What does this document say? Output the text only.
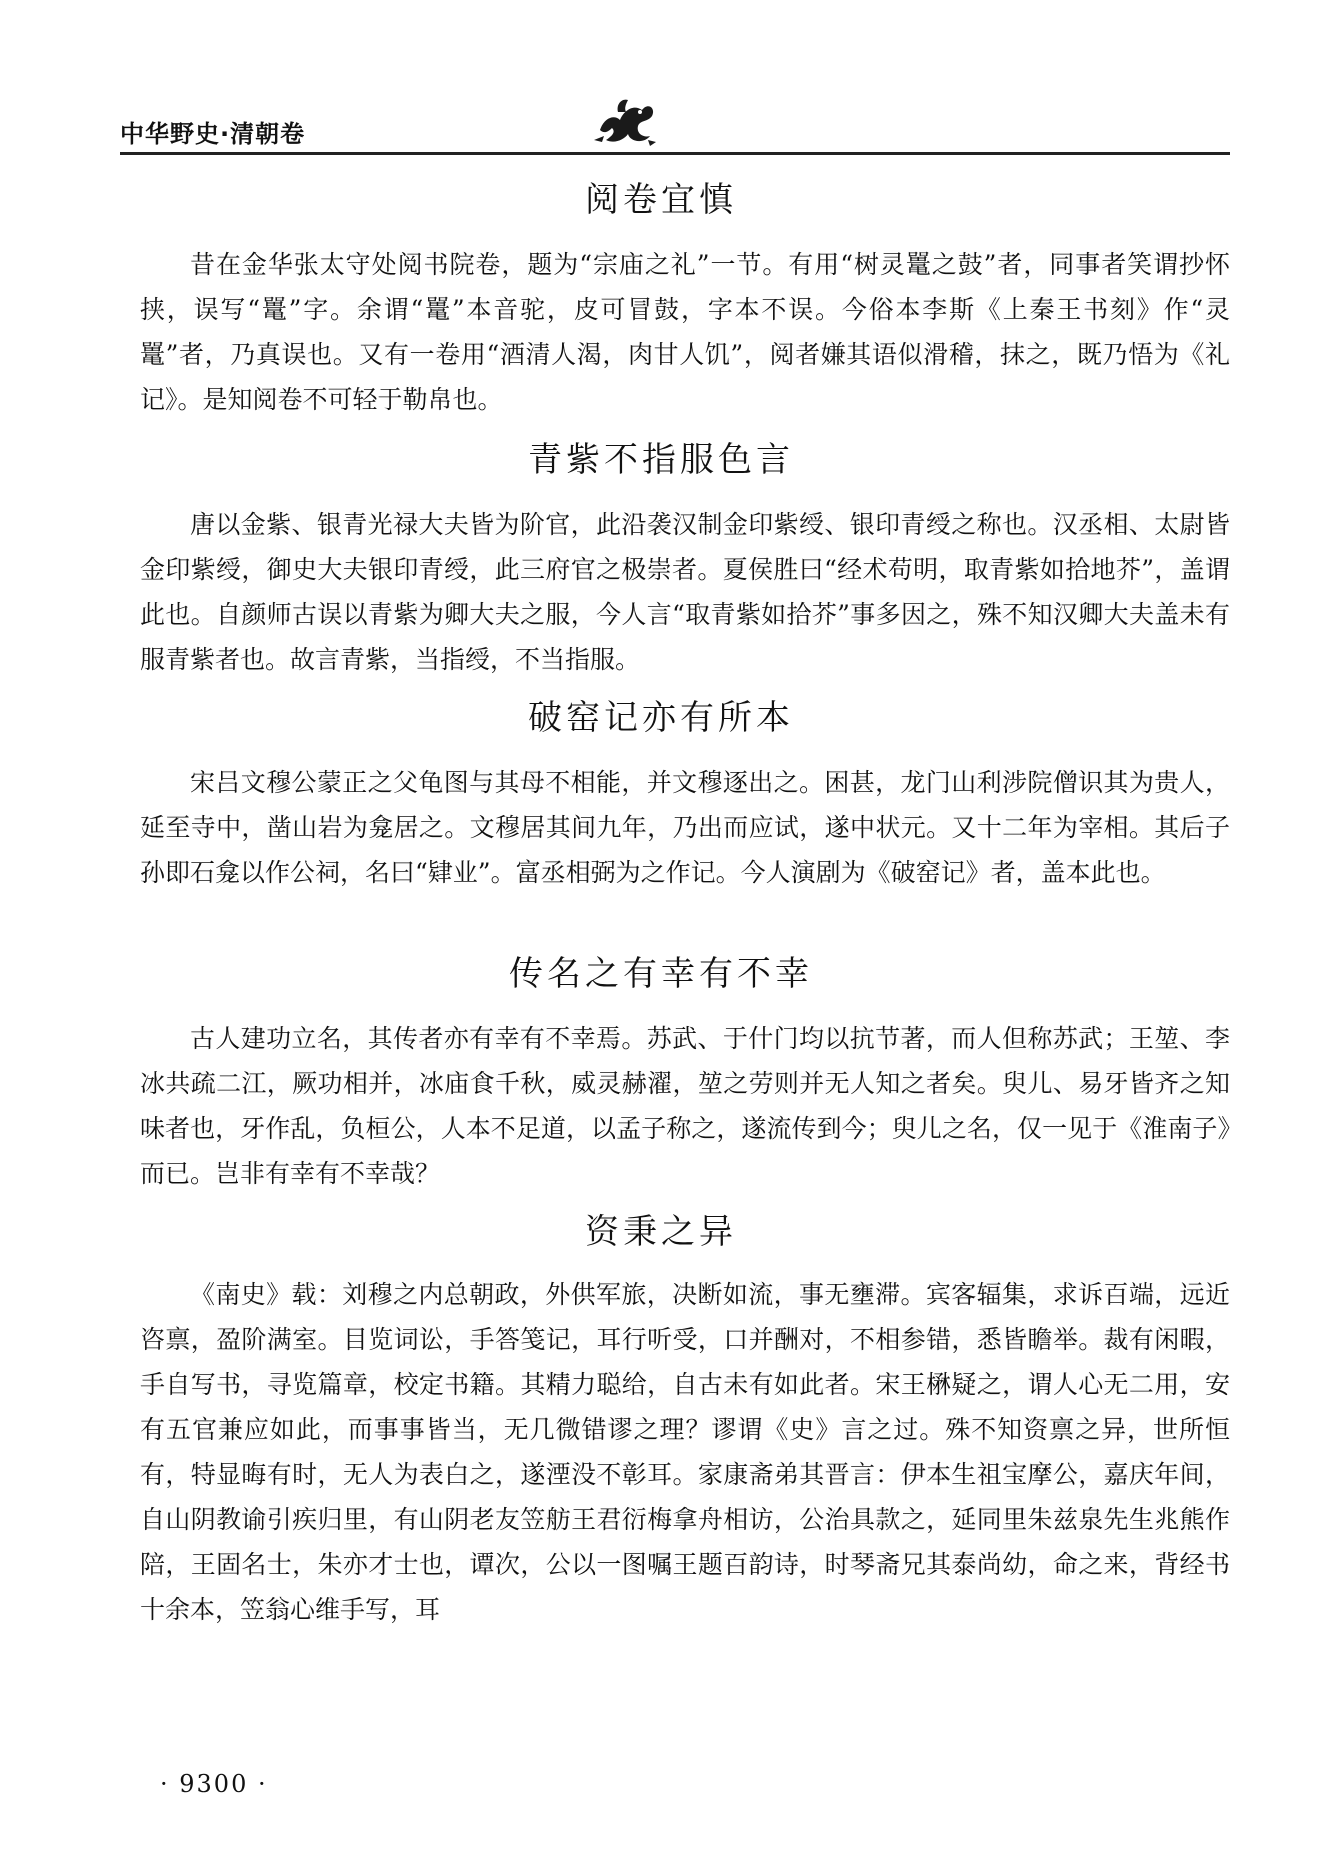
中华野史·清朝卷
阅卷宜慎
昔在金华张太守处阅书院卷，题为“宗庙之礼”一节。有用“树灵鼍之鼓”者，同事者笑谓抄怀挟，误写“鼍”字。余谓“鼍”本音驼，皮可冒鼓，字本不误。今俗本李斯《上秦王书刻》作“灵鼍”者，乃真误也。又有一卷用“酒清人渴，肉甘人饥”，阅者嫌其语似滑稽，抹之，既乃悟为《礼记》。是知阅卷不可轻于勒帛也。
青紫不指服色言
唐以金紫、银青光禄大夫皆为阶官，此沿袭汉制金印紫绶、银印青绶之称也。汉丞相、太尉皆金印紫绶，御史大夫银印青绶，此三府官之极崇者。夏侯胜曰“经术苟明，取青紫如拾地芥”，盖谓此也。自颜师古误以青紫为卿大夫之服，今人言“取青紫如拾芥”事多因之，殊不知汉卿大夫盖未有服青紫者也。故言青紫，当指绶，不当指服。
破窑记亦有所本
宋吕文穆公蒙正之父龟图与其母不相能，并文穆逐出之。困甚，龙门山利涉院僧识其为贵人，延至寺中，凿山岩为龛居之。文穆居其间九年，乃出而应试，遂中状元。又十二年为宰相。其后子孙即石龛以作公祠，名曰“肄业”。富丞相弼为之作记。今人演剧为《破窑记》者，盖本此也。
传名之有幸有不幸
古人建功立名，其传者亦有幸有不幸焉。苏武、于什门均以抗节著，而人但称苏武；王堃、李冰共疏二江，厥功相并，冰庙食千秋，威灵赫濯，堃之劳则并无人知之者矣。臾儿、易牙皆齐之知味者也，牙作乱，负桓公，人本不足道，以孟子称之，遂流传到今；臾儿之名，仅一见于《淮南子》而已。岂非有幸有不幸哉？
资秉之异
《南史》载：刘穆之内总朝政，外供军旅，决断如流，事无壅滞。宾客辐集，求诉百端，远近咨禀，盈阶满室。目览词讼，手答笺记，耳行听受，口并酬对，不相参错，悉皆瞻举。裁有闲暇，手自写书，寻览篇章，校定书籍。其精力聪给，自古未有如此者。宋王楙疑之，谓人心无二用，安有五官兼应如此，而事事皆当，无几微错谬之理？谬谓《史》言之过。殊不知资禀之异，世所恒有，特显晦有时，无人为表白之，遂湮没不彰耳。家康斋弟其晋言：伊本生祖宝摩公，嘉庆年间，自山阴教谕引疾归里，有山阴老友笠舫王君衍梅拿舟相访，公治具款之，延同里朱兹泉先生兆熊作陪，王固名士，朱亦才士也，谭次，公以一图嘱王题百韵诗，时琴斋兄其泰尚幼，命之来，背经书十余本，笠翁心维手写，耳
· 9300 ·
